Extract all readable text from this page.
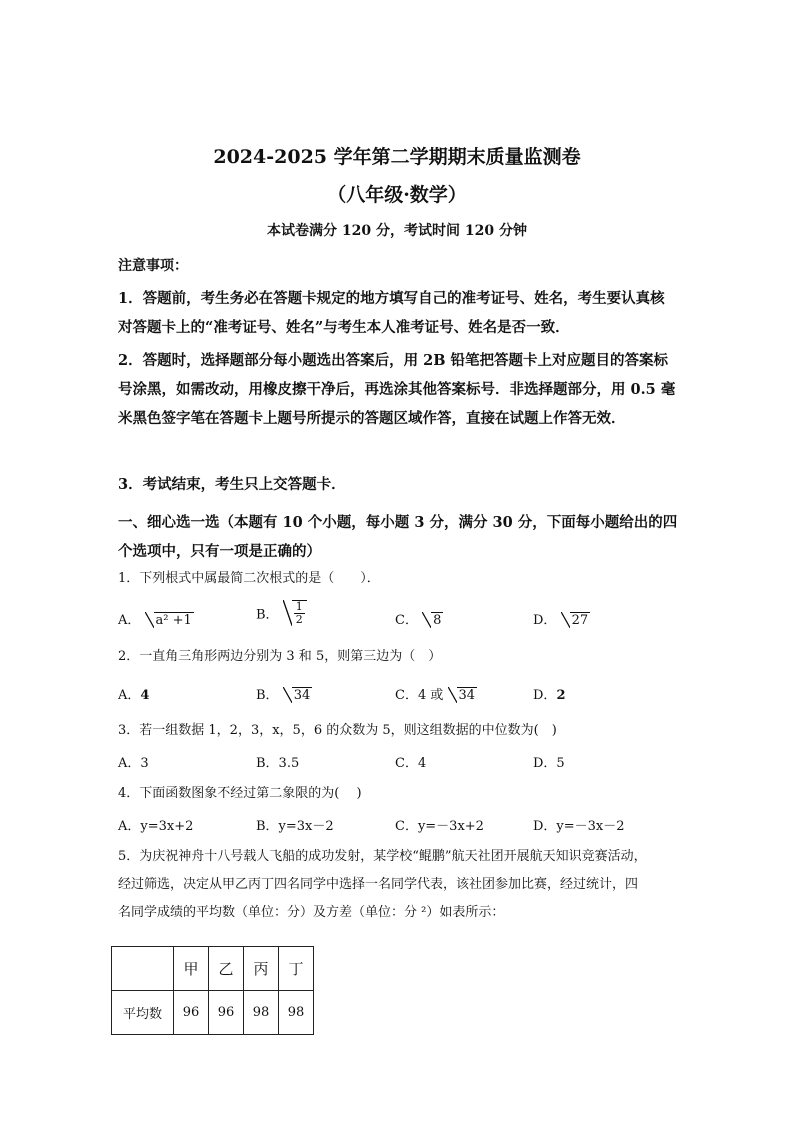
2024-2025 学年第二学期期末质量监测卷
（八年级·数学）
本试卷满分 120 分，考试时间 120 分钟
注意事项：
1．答题前，考生务必在答题卡规定的地方填写自己的准考证号、姓名，考生要认真核对答题卡上的“准考证号、姓名”与考生本人准考证号、姓名是否一致．
2．答题时，选择题部分每小题选出答案后，用 2B 铅笔把答题卡上对应题目的答案标号涂黑，如需改动，用橡皮擦干净后，再选涂其他答案标号．非选择题部分，用 0.5 毫米黑色签字笔在答题卡上题号所提示的答题区域作答，直接在试题上作答无效．
3．考试结束，考生只上交答题卡．
一、细心选一选（本题有 10 个小题，每小题 3 分，满分 30 分，下面每小题给出的四个选项中，只有一项是正确的）
1．下列根式中属最简二次根式的是（　　）．
A． a² +1	B． $\frac{1}{2}$	C． 8	D． 27
2．一直角三角形两边分别为 3 和 5，则第三边为（　）
A．4	B． 34	C．4 或 34	D．2
3．若一组数据 1，2，3，x，5，6 的众数为 5，则这组数据的中位数为(　)
A．3	B．3.5	C．4	D．5
4．下面函数图象不经过第二象限的为(　 )
A．y=3x+2	B．y=3x－2	C．y=－3x+2	D．y=－3x－2
5．为庆祝神舟十八号载人飞船的成功发射，某学校“鲲鹏”航天社团开展航天知识竞赛活动，
经过筛选，决定从甲乙丙丁四名同学中选择一名同学代表，该社团参加比赛，经过统计，四
名同学成绩的平均数（单位：分）及方差（单位：分 ²）如表所示：
	甲	乙	丙	丁
平均数	96	96	98	98
